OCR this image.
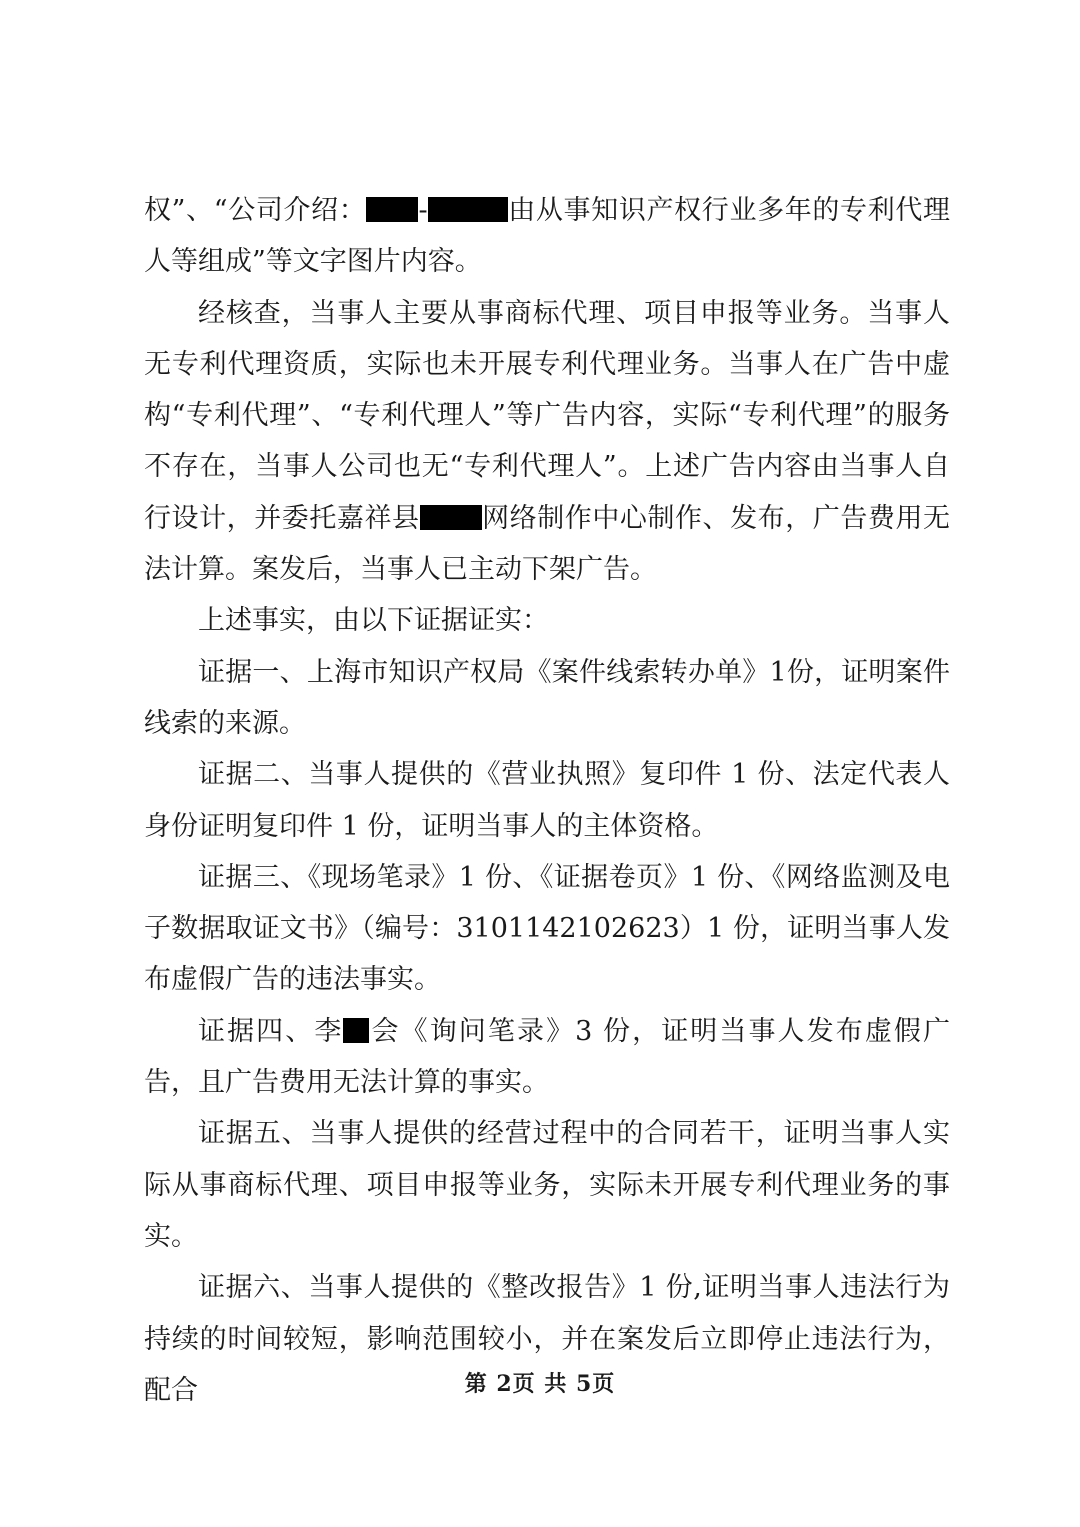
权”、“公司介绍： -	由从事知识产权行业多年的专利代理人等组成”等文字图片内容。

经核查，当事人主要从事商标代理、项目申报等业务。当事人无专利代理资质，实际也未开展专利代理业务。当事人在广告中虚构“专利代理”、“专利代理人”等广告内容，实际“专利代理”的服务不存在，当事人公司也无“专利代理人”。上述广告内容由当事人自行设计，并委托嘉祥县 网络制作中心制作、发布，广告费用无法计算。案发后，当事人已主动下架广告。

上述事实，由以下证据证实：

证据一、上海市知识产权局《案件线索转办单》1份，证明案件线索的来源。

证据二、当事人提供的《营业执照》复印件 1 份、法定代表人身份证明复印件 1 份，证明当事人的主体资格。

证据三、《现场笔录》1 份、《证据卷页》1 份、《网络监测及电子数据取证文书》（编号：3101142102623）1 份，证明当事人发布虚假广告的违法事实。

证据四、李 会《询问笔录》3 份，证明当事人发布虚假广告，且广告费用无法计算的事实。

证据五、当事人提供的经营过程中的合同若干，证明当事人实际从事商标代理、项目申报等业务，实际未开展专利代理业务的事实。

证据六、当事人提供的《整改报告》1 份,证明当事人违法行为持续的时间较短，影响范围较小，并在案发后立即停止违法行为，配合	第 2页 共 5页
